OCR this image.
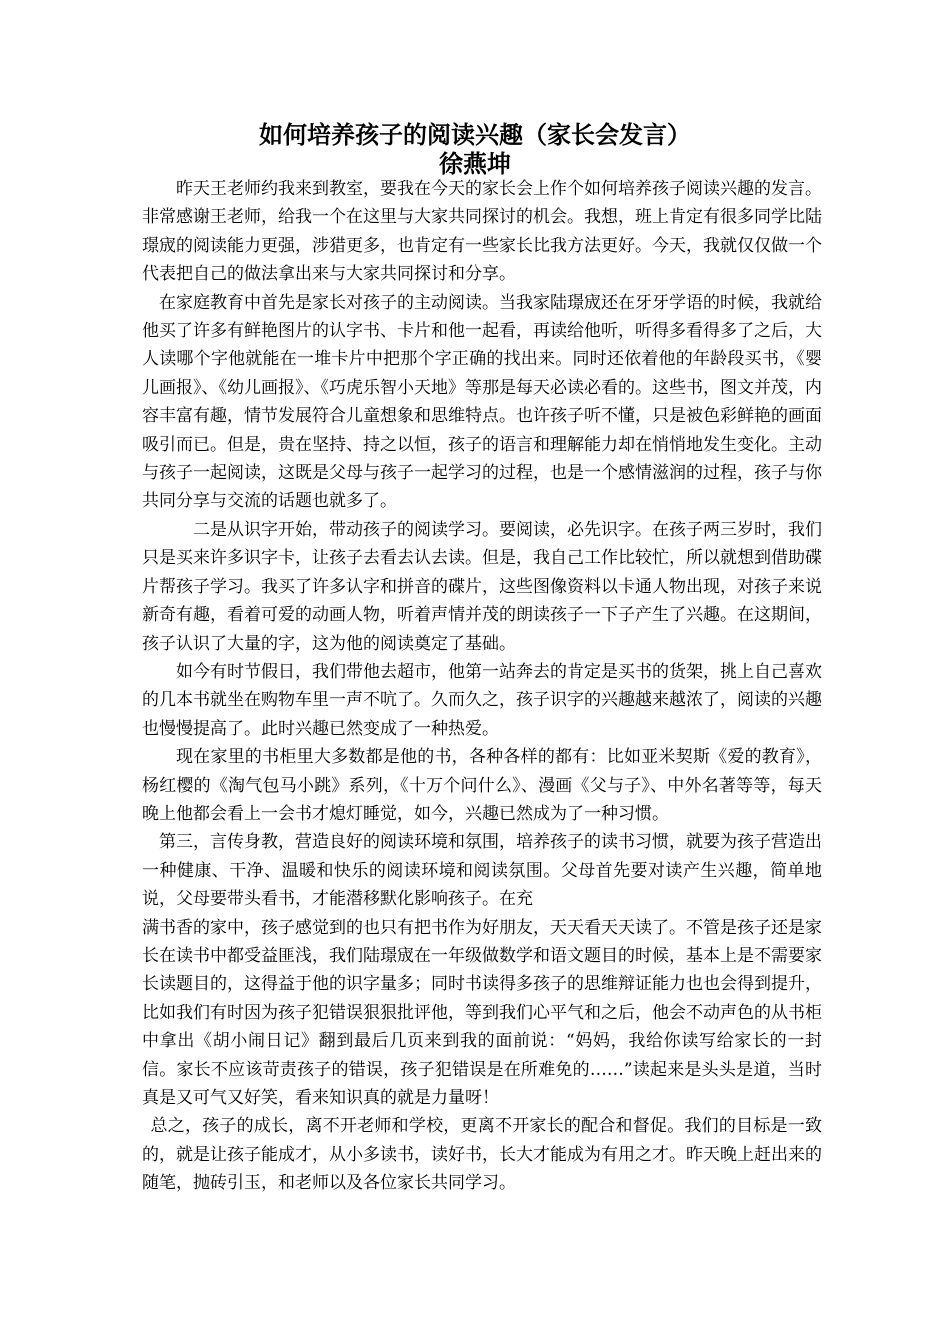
如何培养孩子的阅读兴趣（家长会发言）
徐燕坤

昨天王老师约我来到教室，要我在今天的家长会上作个如何培养孩子阅读兴趣的发言。非常感谢王老师，给我一个在这里与大家共同探讨的机会。我想，班上肯定有很多同学比陆璟宬的阅读能力更强，涉猎更多，也肯定有一些家长比我方法更好。今天，我就仅仅做一个代表把自己的做法拿出来与大家共同探讨和分享。

在家庭教育中首先是家长对孩子的主动阅读。当我家陆璟宬还在牙牙学语的时候，我就给他买了许多有鲜艳图片的认字书、卡片和他一起看，再读给他听，听得多看得多了之后，大人读哪个字他就能在一堆卡片中把那个字正确的找出来。同时还依着他的年龄段买书，《婴儿画报》、《幼儿画报》、《巧虎乐智小天地》等那是每天必读必看的。这些书，图文并茂，内容丰富有趣，情节发展符合儿童想象和思维特点。也许孩子听不懂，只是被色彩鲜艳的画面吸引而已。但是，贵在坚持、持之以恒，孩子的语言和理解能力却在悄悄地发生变化。主动与孩子一起阅读，这既是父母与孩子一起学习的过程，也是一个感情滋润的过程，孩子与你共同分享与交流的话题也就多了。

二是从识字开始，带动孩子的阅读学习。要阅读，必先识字。在孩子两三岁时，我们只是买来许多识字卡，让孩子去看去认去读。但是，我自己工作比较忙，所以就想到借助碟片帮孩子学习。我买了许多认字和拼音的碟片，这些图像资料以卡通人物出现，对孩子来说新奇有趣，看着可爱的动画人物，听着声情并茂的朗读孩子一下子产生了兴趣。在这期间，孩子认识了大量的字，这为他的阅读奠定了基础。

如今有时节假日，我们带他去超市，他第一站奔去的肯定是买书的货架，挑上自己喜欢的几本书就坐在购物车里一声不吭了。久而久之，孩子识字的兴趣越来越浓了，阅读的兴趣也慢慢提高了。此时兴趣已然变成了一种热爱。

现在家里的书柜里大多数都是他的书，各种各样的都有：比如亚米契斯《爱的教育》，杨红樱的《淘气包马小跳》系列，《十万个问什么》、漫画《父与子》、中外名著等等，每天晚上他都会看上一会书才熄灯睡觉，如今，兴趣已然成为了一种习惯。

第三，言传身教，营造良好的阅读环境和氛围，培养孩子的读书习惯，就要为孩子营造出一种健康、干净、温暖和快乐的阅读环境和阅读氛围。父母首先要对读产生兴趣，简单地说，父母要带头看书，才能潜移默化影响孩子。在充

满书香的家中，孩子感觉到的也只有把书作为好朋友，天天看天天读了。不管是孩子还是家长在读书中都受益匪浅，我们陆璟宬在一年级做数学和语文题目的时候，基本上是不需要家长读题目的，这得益于他的识字量多；同时书读得多孩子的思维辩证能力也也会得到提升，比如我们有时因为孩子犯错误狠狠批评他，等到我们心平气和之后，他会不动声色的从书柜中拿出《胡小闹日记》翻到最后几页来到我的面前说：“妈妈，我给你读写给家长的一封信。家长不应该苛责孩子的错误，孩子犯错误是在所难免的……”读起来是头头是道，当时真是又可气又好笑，看来知识真的就是力量呀！

总之，孩子的成长，离不开老师和学校，更离不开家长的配合和督促。我们的目标是一致的，就是让孩子能成才，从小多读书，读好书，长大才能成为有用之才。昨天晚上赶出来的随笔，抛砖引玉，和老师以及各位家长共同学习。
